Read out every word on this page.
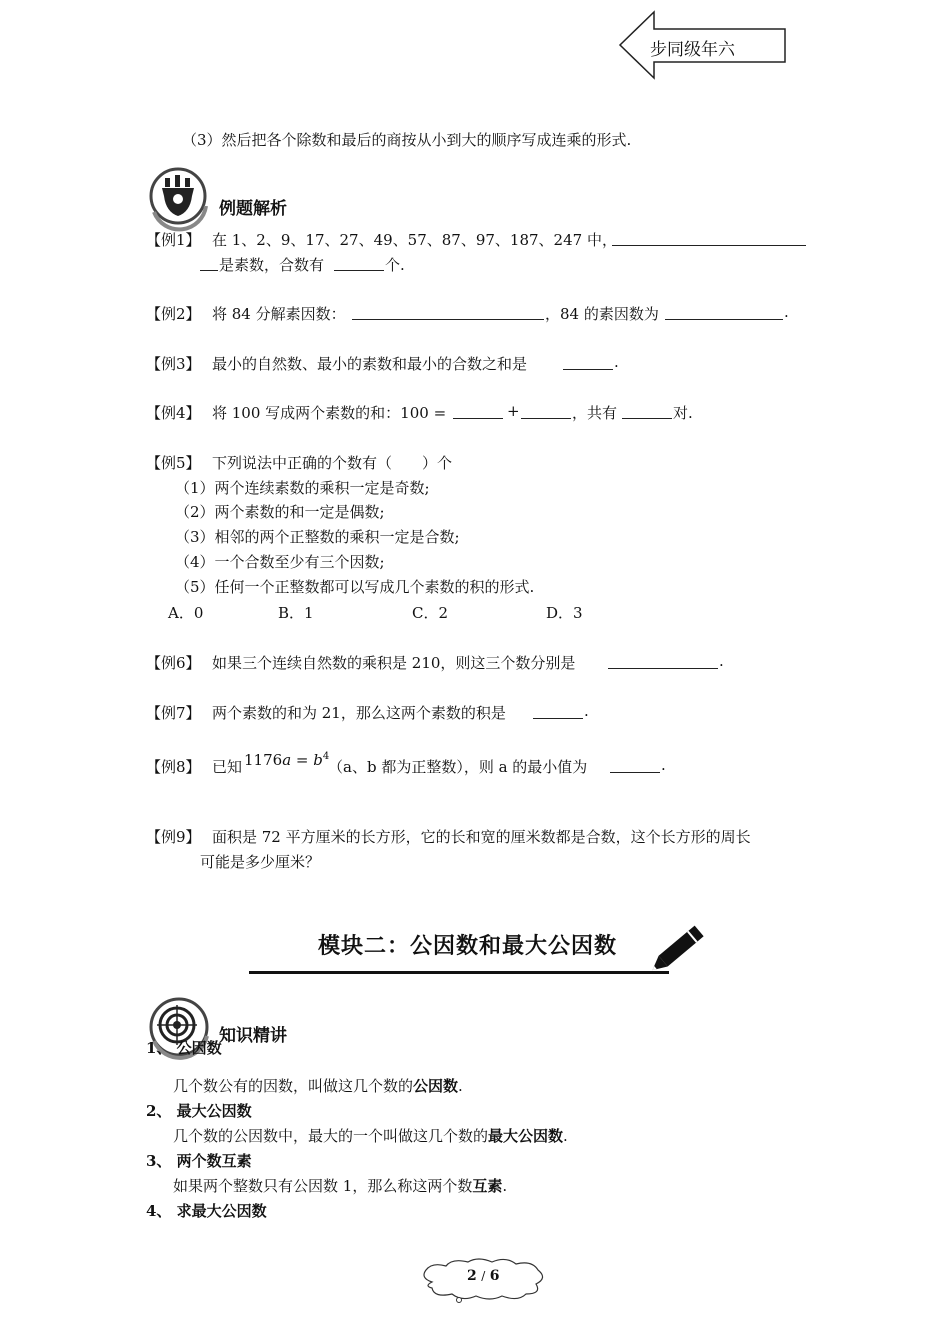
步同级年六
（3）然后把各个除数和最后的商按从小到大的顺序写成连乘的形式.
例题解析
【例1】 在 1、2、9、17、27、49、57、87、97、187、247 中，
是素数，合数有	个.
【例2】 将 84 分解素因数：	，84 的素因数为	.
【例3】 最小的自然数、最小的素数和最小的合数之和是	.
【例4】 将 100 写成两个素数的和：100 =	+	，共有	对.
【例5】 下列说法中正确的个数有（　　）个
（1）两个连续素数的乘积一定是奇数;
（2）两个素数的和一定是偶数;
（3）相邻的两个正整数的乘积一定是合数;
（4）一个合数至少有三个因数;
（5）任何一个正整数都可以写成几个素数的积的形式.
A．0	B．1	C．2	D．3
【例6】 如果三个连续自然数的乘积是 210，则这三个数分别是	.
【例7】 两个素数的和为 21，那么这两个素数的积是	.
【例8】 已知 $1176a = b^4$
（a、b 都为正整数），则 a 的最小值为	.
【例9】 面积是 72 平方厘米的长方形，它的长和宽的厘米数都是合数，这个长方形的周长
可能是多少厘米？
模块二：公因数和最大公因数
知识精讲
1、 公因数
几个数公有的因数，叫做这几个数的公因数.
2、 最大公因数
几个数的公因数中，最大的一个叫做这几个数的最大公因数.
3、 两个数互素
如果两个整数只有公因数 1，那么称这两个数互素.
4、 求最大公因数
2 / 6
